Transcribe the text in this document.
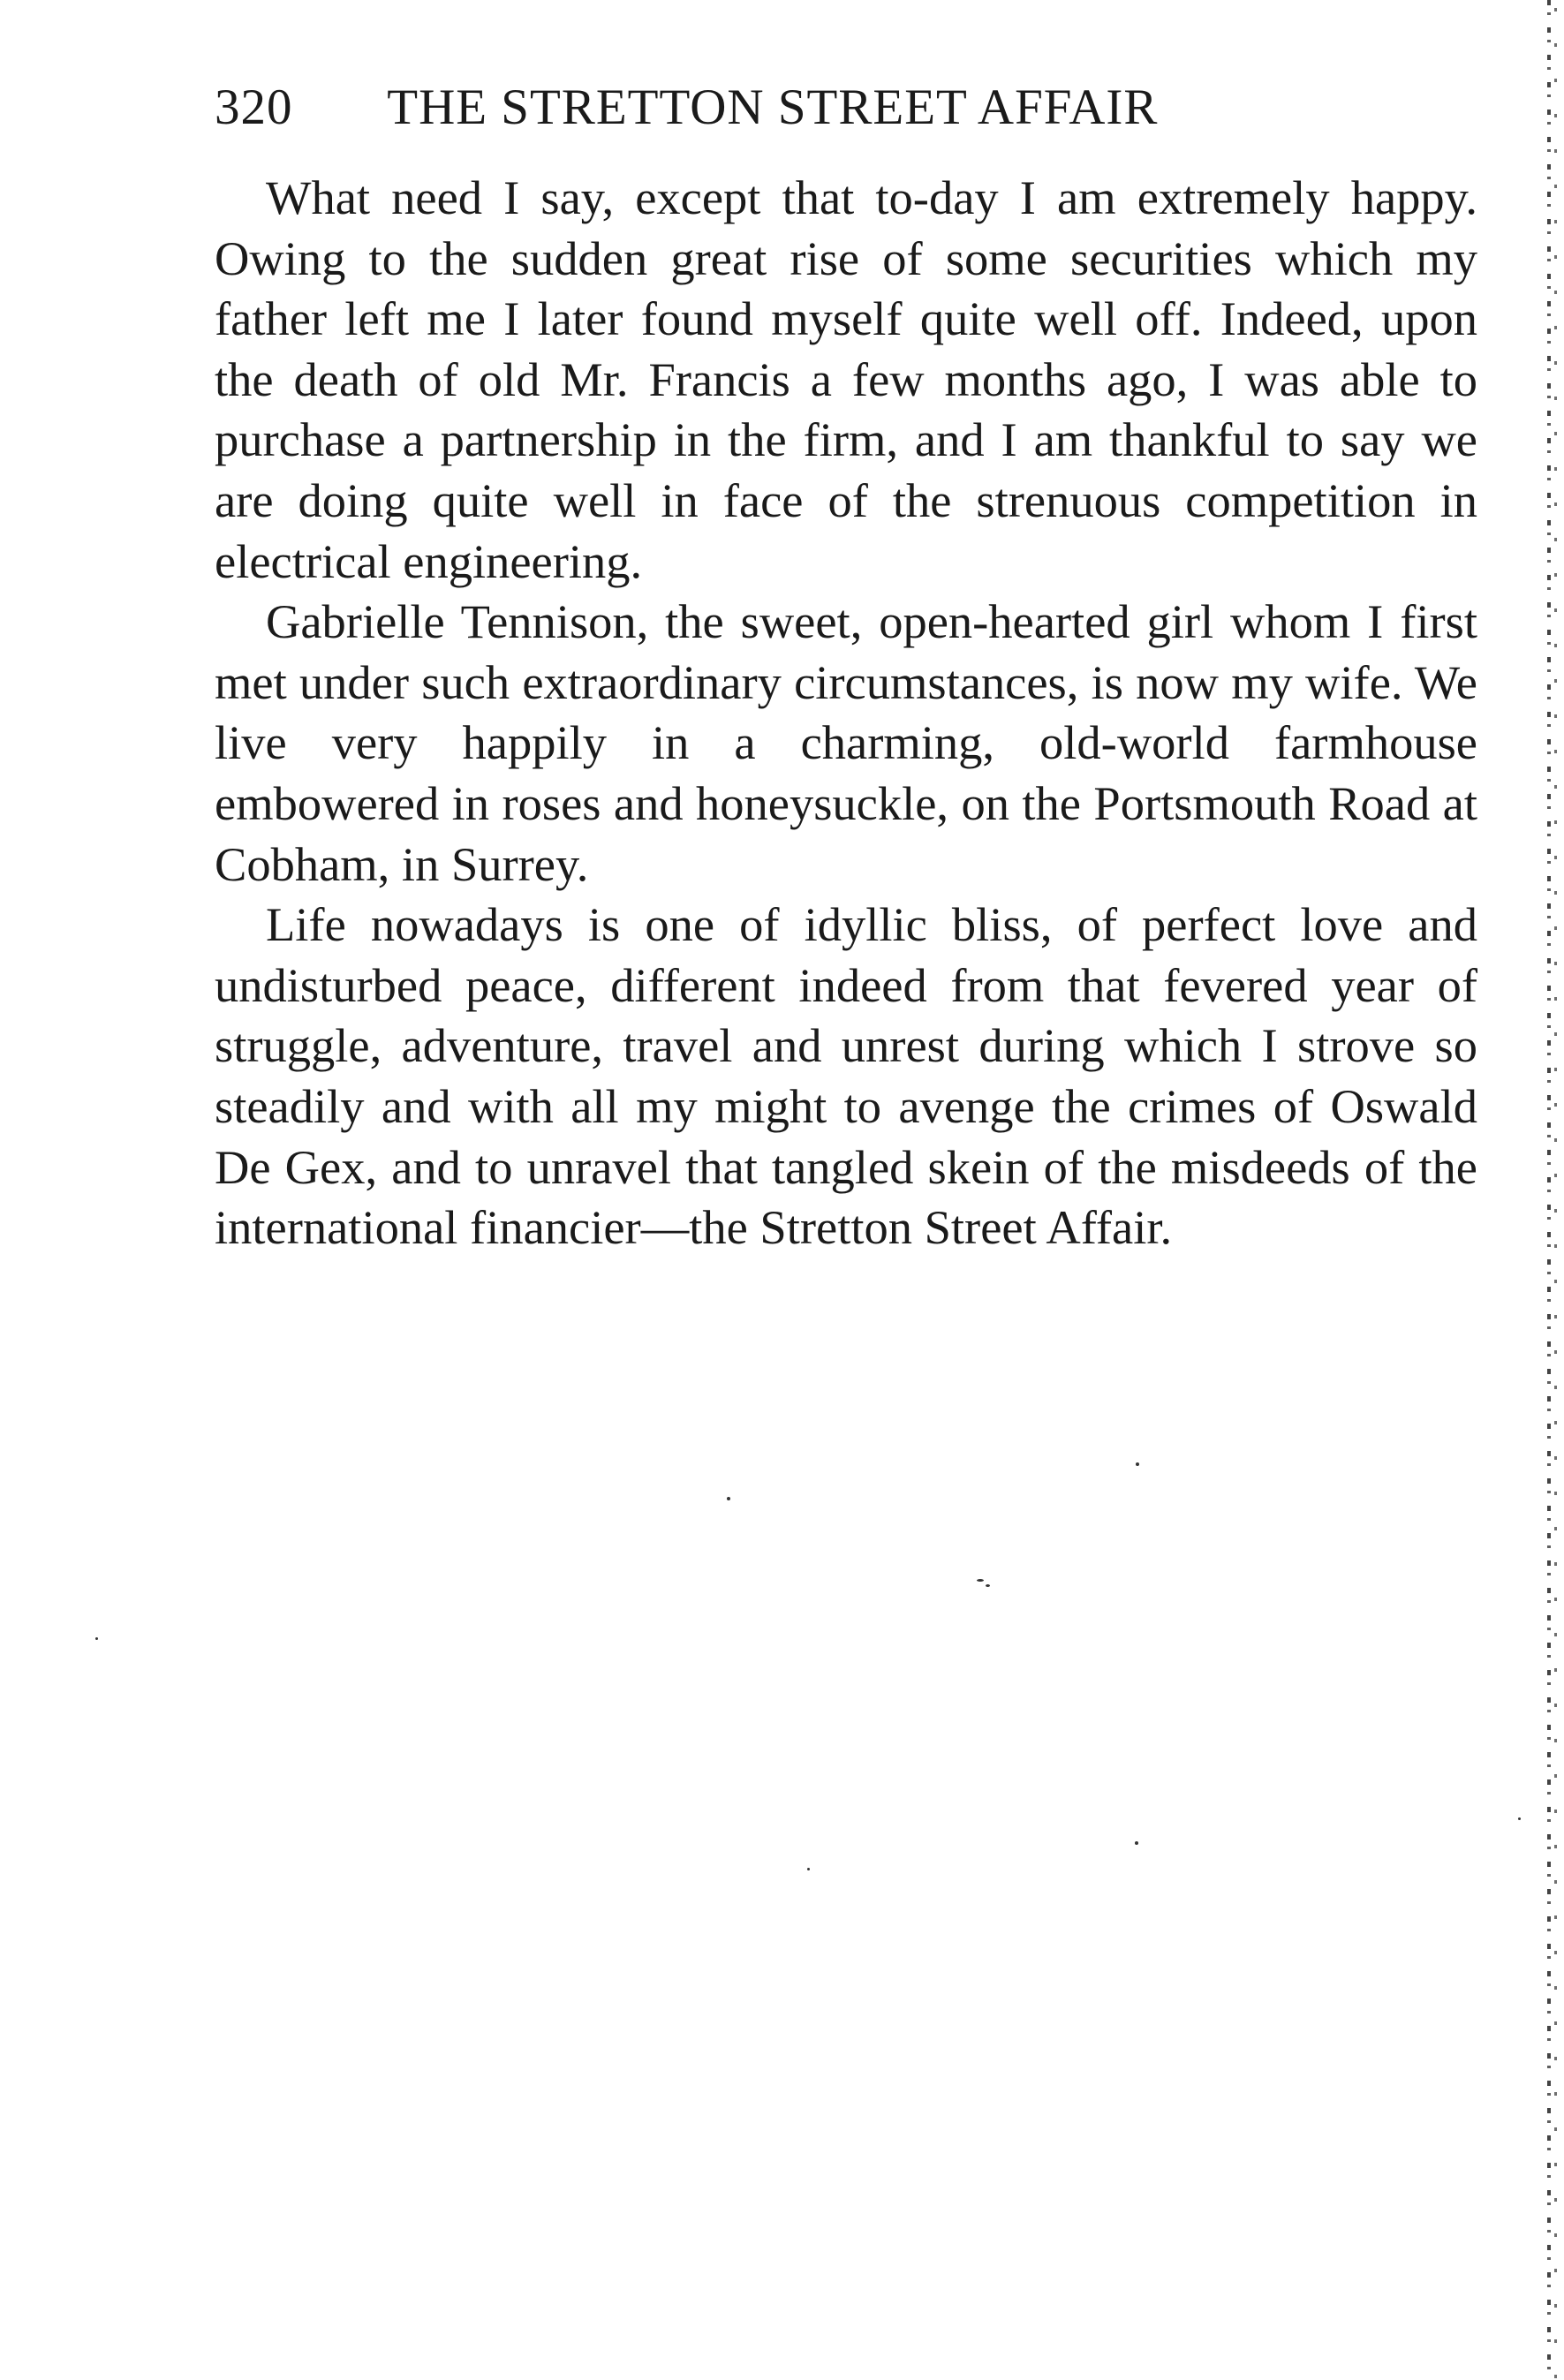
320 THE STRETTON STREET AFFAIR

What need I say, except that to-day I am extremely happy. Owing to the sudden great rise of some securities which my father left me I later found myself quite well off. Indeed, upon the death of old Mr. Francis a few months ago, I was able to purchase a partnership in the firm, and I am thankful to say we are doing quite well in face of the strenuous competition in electrical engineering.

Gabrielle Tennison, the sweet, open-hearted girl whom I first met under such extraordinary circumstances, is now my wife. We live very happily in a charming, old-world farmhouse embowered in roses and honeysuckle, on the Portsmouth Road at Cobham, in Surrey.

Life nowadays is one of idyllic bliss, of perfect love and undisturbed peace, different indeed from that fevered year of struggle, adventure, travel and unrest during which I strove so steadily and with all my might to avenge the crimes of Oswald De Gex, and to unravel that tangled skein of the misdeeds of the international financier—the Stretton Street Affair.
